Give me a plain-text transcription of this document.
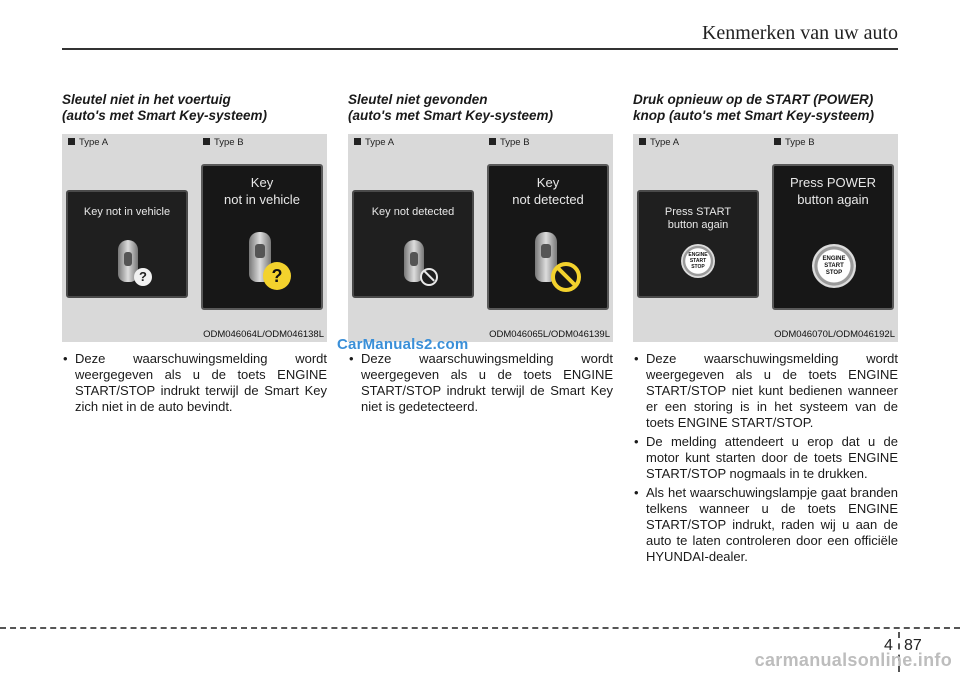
Kenmerken van uw auto
Sleutel niet in het voertuig
(auto's met Smart Key-systeem)
Type A
Key not in vehicle
?
Type B
Key
not in vehicle
?
ODM046064L/ODM046138L
• Deze waarschuwingsmelding wordt weergegeven als u de toets ENGINE START/STOP indrukt terwijl de Smart Key zich niet in de auto bevindt.
Sleutel niet gevonden
(auto's met Smart Key-systeem)
Type A
Key not detected
Type B
Key
not detected
ODM046065L/ODM046139L
• Deze waarschuwingsmelding wordt weergegeven als u de toets ENGINE START/STOP indrukt terwijl de Smart Key niet is gedetecteerd.
Druk opnieuw op de START (POWER)
knop (auto's met Smart Key-systeem)
Type A
Press START
button again
ENGINE
START
STOP
Type B
Press POWER
button again
ENGINE
START
STOP
ODM046070L/ODM046192L
• Deze waarschuwingsmelding wordt weergegeven als u de toets ENGINE START/STOP niet kunt bedienen wanneer er een storing is in het systeem van de toets ENGINE START/STOP.
• De melding attendeert u erop dat u de motor kunt starten door de toets ENGINE START/STOP nogmaals in te drukken.
• Als het waarschuwingslampje gaat branden telkens wanneer u de toets ENGINE START/STOP indrukt, raden wij u aan de auto te laten controleren door een officiële HYUNDAI-dealer.
CarManuals2.com
4 87
carmanualsonline.info
